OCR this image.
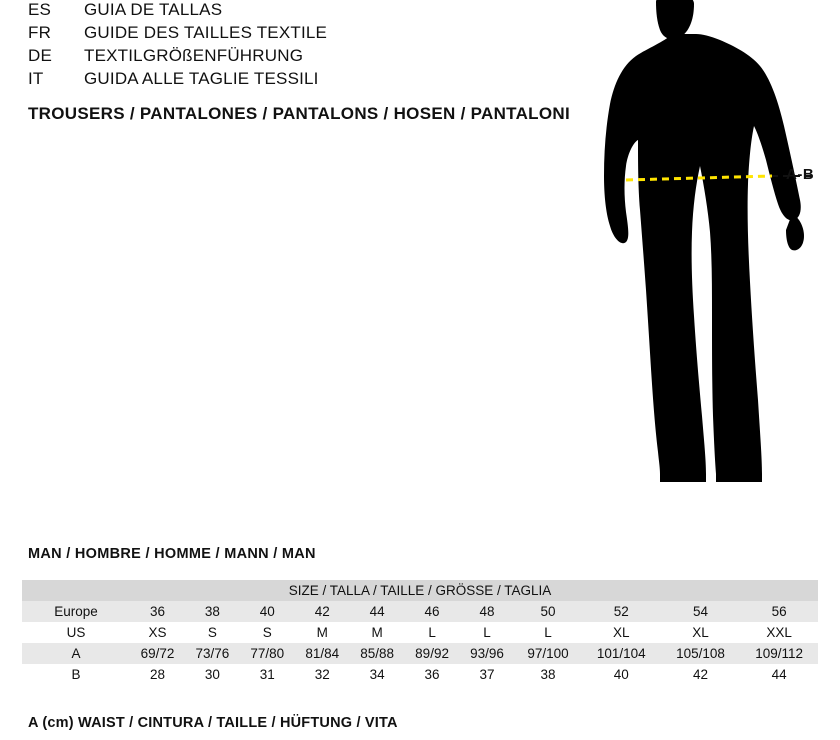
ES	GUIA DE TALLAS
FR	GUIDE DES TAILLES TEXTILE
DE	TEXTILGRÖßENFÜHRUNG
IT	GUIDA ALLE TAGLIE TESSILI
TROUSERS / PANTALONES / PANTALONS / HOSEN / PANTALONI
A-B
MAN / HOMBRE / HOMME / MANN / MAN
SIZE / TALLA / TAILLE / GRÖSSE / TAGLIA											
Europe	36	38	40	42	44	46	48	50	52	54	56
US	XS	S	S	M	M	L	L	L	XL	XL	XXL
A	69/72	73/76	77/80	81/84	85/88	89/92	93/96	97/100	101/104	105/108	109/112
B	28	30	31	32	34	36	37	38	40	42	44
A (cm) WAIST / CINTURA / TAILLE / HÜFTUNG / VITA
